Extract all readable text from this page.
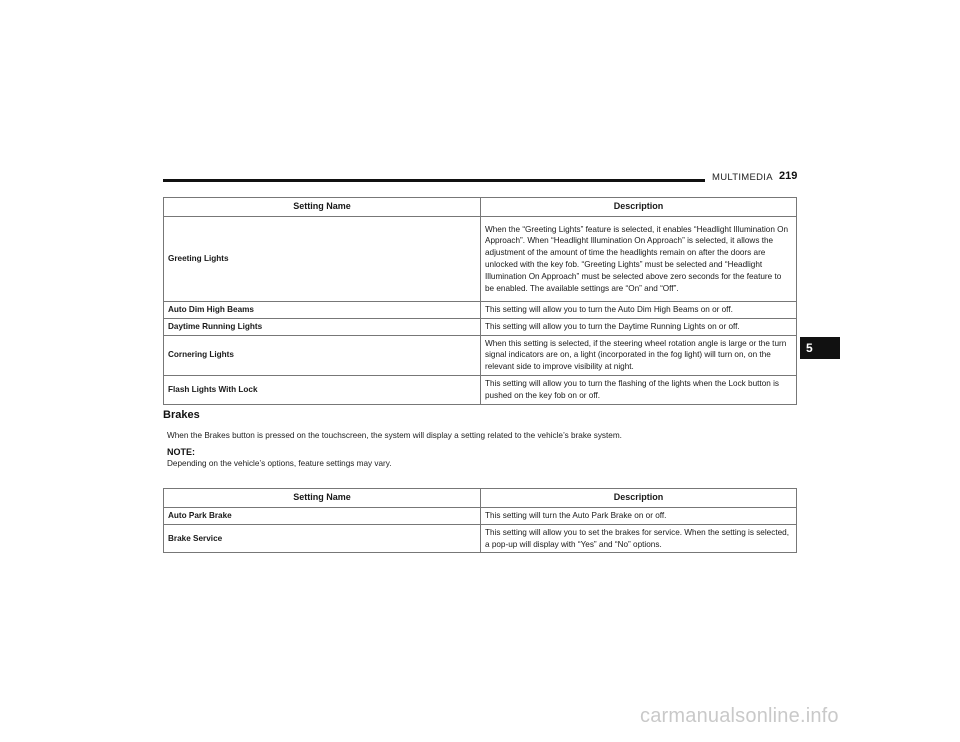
MULTIMEDIA 219
5
Setting Name	Description
Greeting Lights	When the “Greeting Lights” feature is selected, it enables “Headlight Illumination On Approach”. When “Headlight Illumination On Approach” is selected, it allows the adjustment of the amount of time the headlights remain on after the doors are unlocked with the key fob. “Greeting Lights” must be selected and “Headlight Illumination On Approach” must be selected above zero seconds for the feature to be enabled. The available settings are “On” and “Off”.
Auto Dim High Beams	This setting will allow you to turn the Auto Dim High Beams on or off.
Daytime Running Lights	This setting will allow you to turn the Daytime Running Lights on or off.
Cornering Lights	When this setting is selected, if the steering wheel rotation angle is large or the turn signal indicators are on, a light (incorporated in the fog light) will turn on, on the relevant side to improve visibility at night.
Flash Lights With Lock	This setting will allow you to turn the flashing of the lights when the Lock button is pushed on the key fob on or off.
Brakes
When the Brakes button is pressed on the touchscreen, the system will display a setting related to the vehicle’s brake system.
NOTE:
Depending on the vehicle’s options, feature settings may vary.
Setting Name	Description
Auto Park Brake	This setting will turn the Auto Park Brake on or off.
Brake Service	This setting will allow you to set the brakes for service. When the setting is selected, a pop-up will display with “Yes” and “No” options.
carmanualsonline.info
